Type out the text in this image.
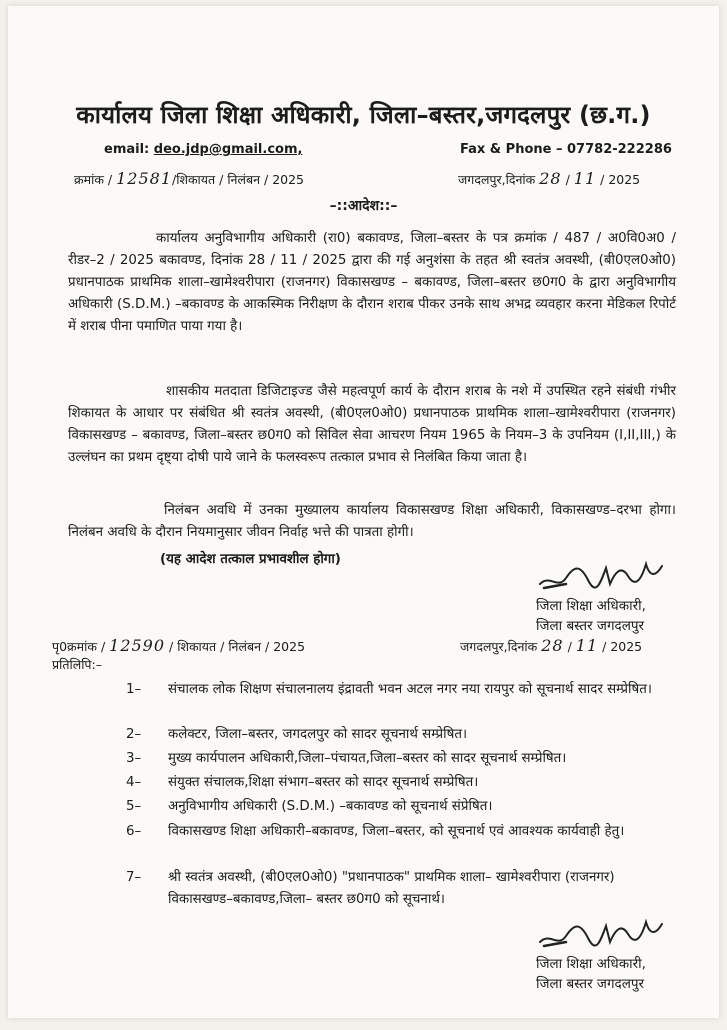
कार्यालय जिला शिक्षा अधिकारी, जिला–बस्तर,जगदलपुर (छ.ग.)
email: deo.jdp@gmail.com,	Fax & Phone – 07782-222286
क्रमांक / 12581/शिकायत / निलंबन / 2025	जगदलपुर,दिनांक 28 / 11 / 2025
–::आदेश::–

कार्यालय अनुविभागीय अधिकारी (रा0) बकावण्ड, जिला–बस्तर के पत्र क्रमांक / 487 / अ0वि0अ0 / रीडर–2 / 2025 बकावण्ड, दिनांक 28 / 11 / 2025 द्वारा की गई अनुशंसा के तहत श्री स्वतंत्र अवस्थी, (बी0एल0ओ0) प्रधानपाठक प्राथमिक शाला–खामेश्वरीपारा (राजनगर) विकासखण्ड – बकावण्ड, जिला–बस्तर छ0ग0 के द्वारा अनुविभागीय अधिकारी (S.D.M.) –बकावण्ड के आकस्मिक निरीक्षण के दौरान शराब पीकर उनके साथ अभद्र व्यवहार करना मेडिकल रिपोर्ट में शराब पीना पमाणित पाया गया है।

शासकीय मतदाता डिजिटाइज्ड जैसे महत्वपूर्ण कार्य के दौरान शराब के नशे में उपस्थित रहने संबंधी गंभीर शिकायत के आधार पर संबंधित श्री स्वतंत्र अवस्थी, (बी0एल0ओ0) प्रधानपाठक प्राथमिक शाला–खामेश्वरीपारा (राजनगर) विकासखण्ड – बकावण्ड, जिला–बस्तर छ0ग0 को सिविल सेवा आचरण नियम 1965 के नियम–3 के उपनियम (I,II,III,) के उल्लंघन का प्रथम दृष्ट्या दोषी पाये जाने के फलस्वरूप तत्काल प्रभाव से निलंबित किया जाता है।

निलंबन अवधि में उनका मुख्यालय कार्यालय विकासखण्ड शिक्षा अधिकारी, विकासखण्ड–दरभा होगा। निलंबन अवधि के दौरान नियमानुसार जीवन निर्वाह भत्ते की पात्रता होगी।

(यह आदेश तत्काल प्रभावशील होगा)
जिला शिक्षा अधिकारी,
जिला बस्तर जगदलपुर
पृ0क्रमांक / 12590 / शिकायत / निलंबन / 2025	जगदलपुर,दिनांक 28 / 11 / 2025
प्रतिलिपि:–
1– संचालक लोक शिक्षण संचालनालय इंद्रावती भवन अटल नगर नया रायपुर को सूचनार्थ सादर सम्प्रेषित।
2– कलेक्टर, जिला–बस्तर, जगदलपुर को सादर सूचनार्थ सम्प्रेषित।
3– मुख्य कार्यपालन अधिकारी,जिला–पंचायत,जिला–बस्तर को सादर सूचनार्थ सम्प्रेषित।
4– संयुक्त संचालक,शिक्षा संभाग–बस्तर को सादर सूचनार्थ सम्प्रेषित।
5– अनुविभागीय अधिकारी (S.D.M.) –बकावण्ड को सूचनार्थ संप्रेषित।
6– विकासखण्ड शिक्षा अधिकारी–बकावण्ड, जिला–बस्तर, को सूचनार्थ एवं आवश्यक कार्यवाही हेतु।
7– श्री स्वतंत्र अवस्थी, (बी0एल0ओ0) "प्रधानपाठक" प्राथमिक शाला– खामेश्वरीपारा (राजनगर) विकासखण्ड–बकावण्ड,जिला– बस्तर छ0ग0 को सूचनार्थ।
जिला शिक्षा अधिकारी,
जिला बस्तर जगदलपुर
